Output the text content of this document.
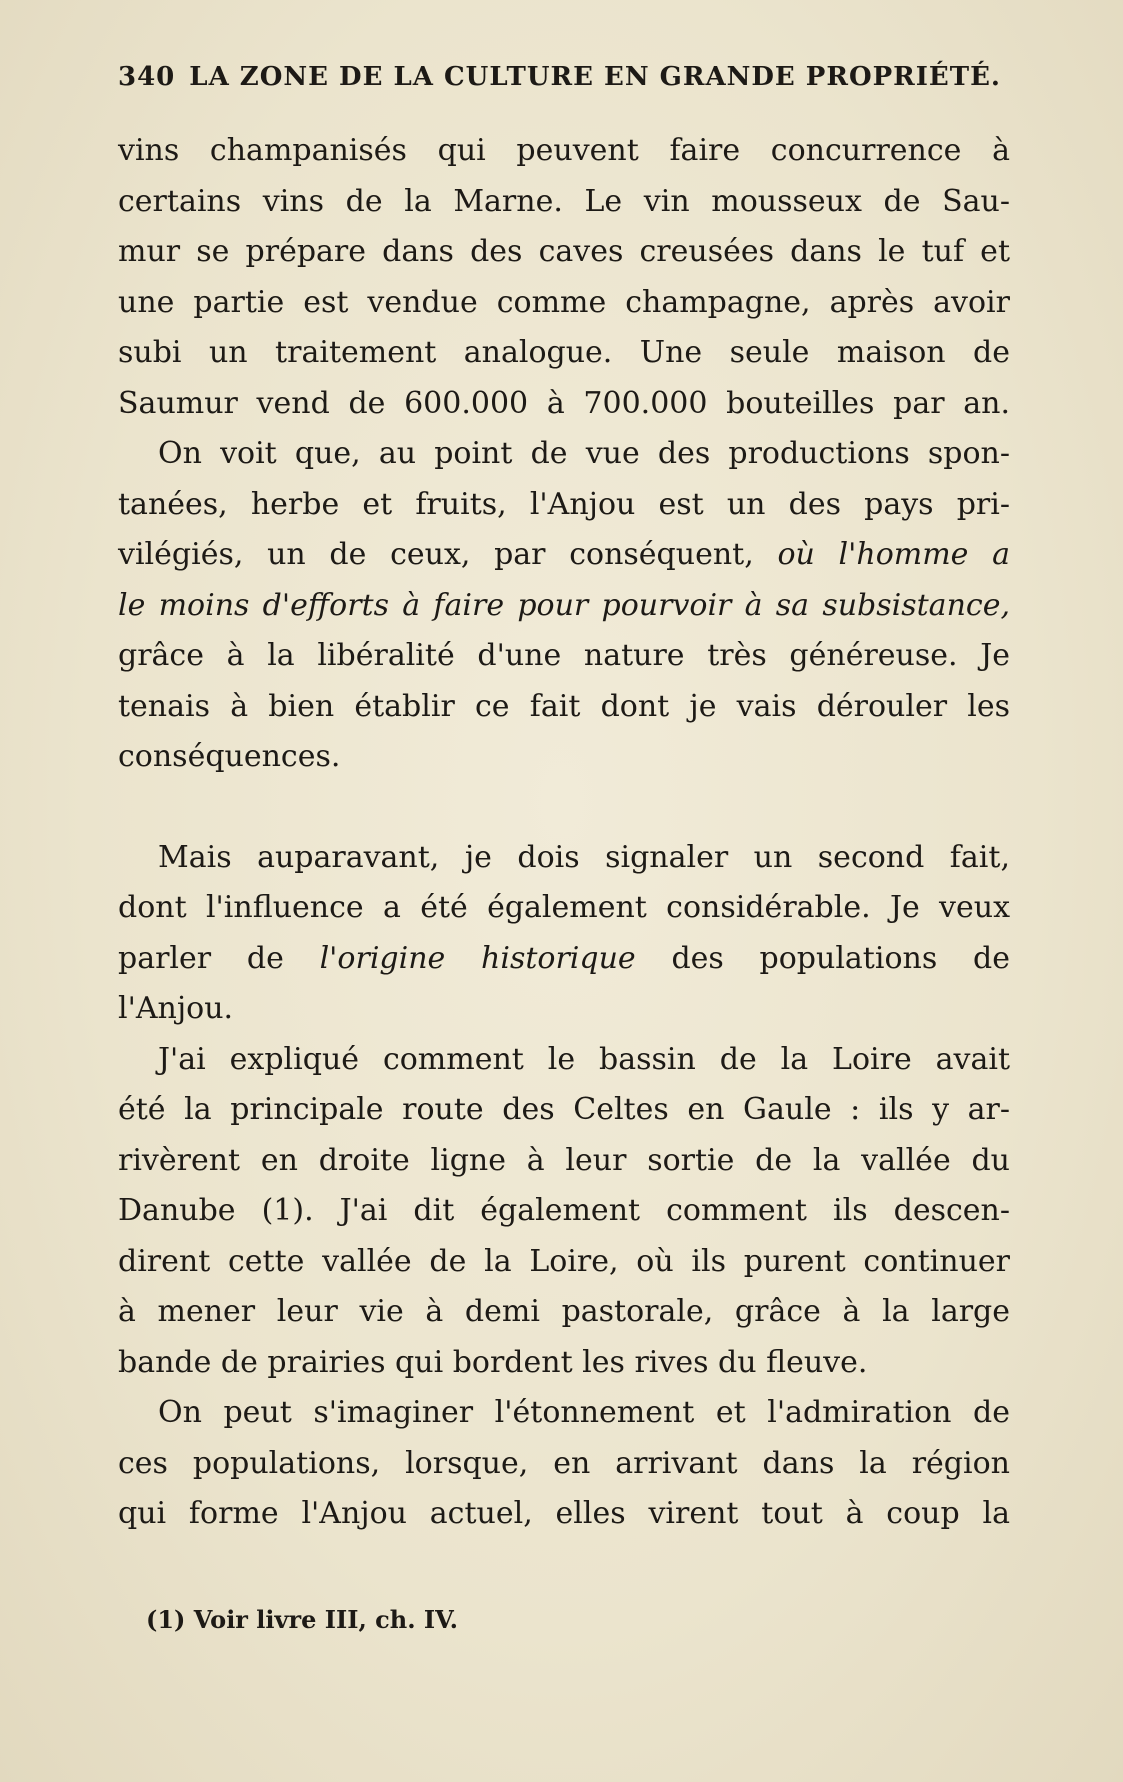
340 LA ZONE DE LA CULTURE EN GRANDE PROPRIÉTÉ.
vins champanisés qui peuvent faire concurrence à
certains vins de la Marne. Le vin mousseux de Sau-
mur se prépare dans des caves creusées dans le tuf et
une partie est vendue comme champagne, après avoir
subi un traitement analogue. Une seule maison de
Saumur vend de 600.000 à 700.000 bouteilles par an.
On voit que, au point de vue des productions spon-
tanées, herbe et fruits, l'Anjou est un des pays pri-
vilégiés, un de ceux, par conséquent, où l'homme a
le moins d'efforts à faire pour pourvoir à sa subsistance,
grâce à la libéralité d'une nature très généreuse. Je
tenais à bien établir ce fait dont je vais dérouler les
conséquences.
Mais auparavant, je dois signaler un second fait,
dont l'influence a été également considérable. Je veux
parler de l'origine historique des populations de
l'Anjou.
J'ai expliqué comment le bassin de la Loire avait
été la principale route des Celtes en Gaule : ils y ar-
rivèrent en droite ligne à leur sortie de la vallée du
Danube (1). J'ai dit également comment ils descen-
dirent cette vallée de la Loire, où ils purent continuer
à mener leur vie à demi pastorale, grâce à la large
bande de prairies qui bordent les rives du fleuve.
On peut s'imaginer l'étonnement et l'admiration de
ces populations, lorsque, en arrivant dans la région
qui forme l'Anjou actuel, elles virent tout à coup la
(1) Voir livre III, ch. IV.
